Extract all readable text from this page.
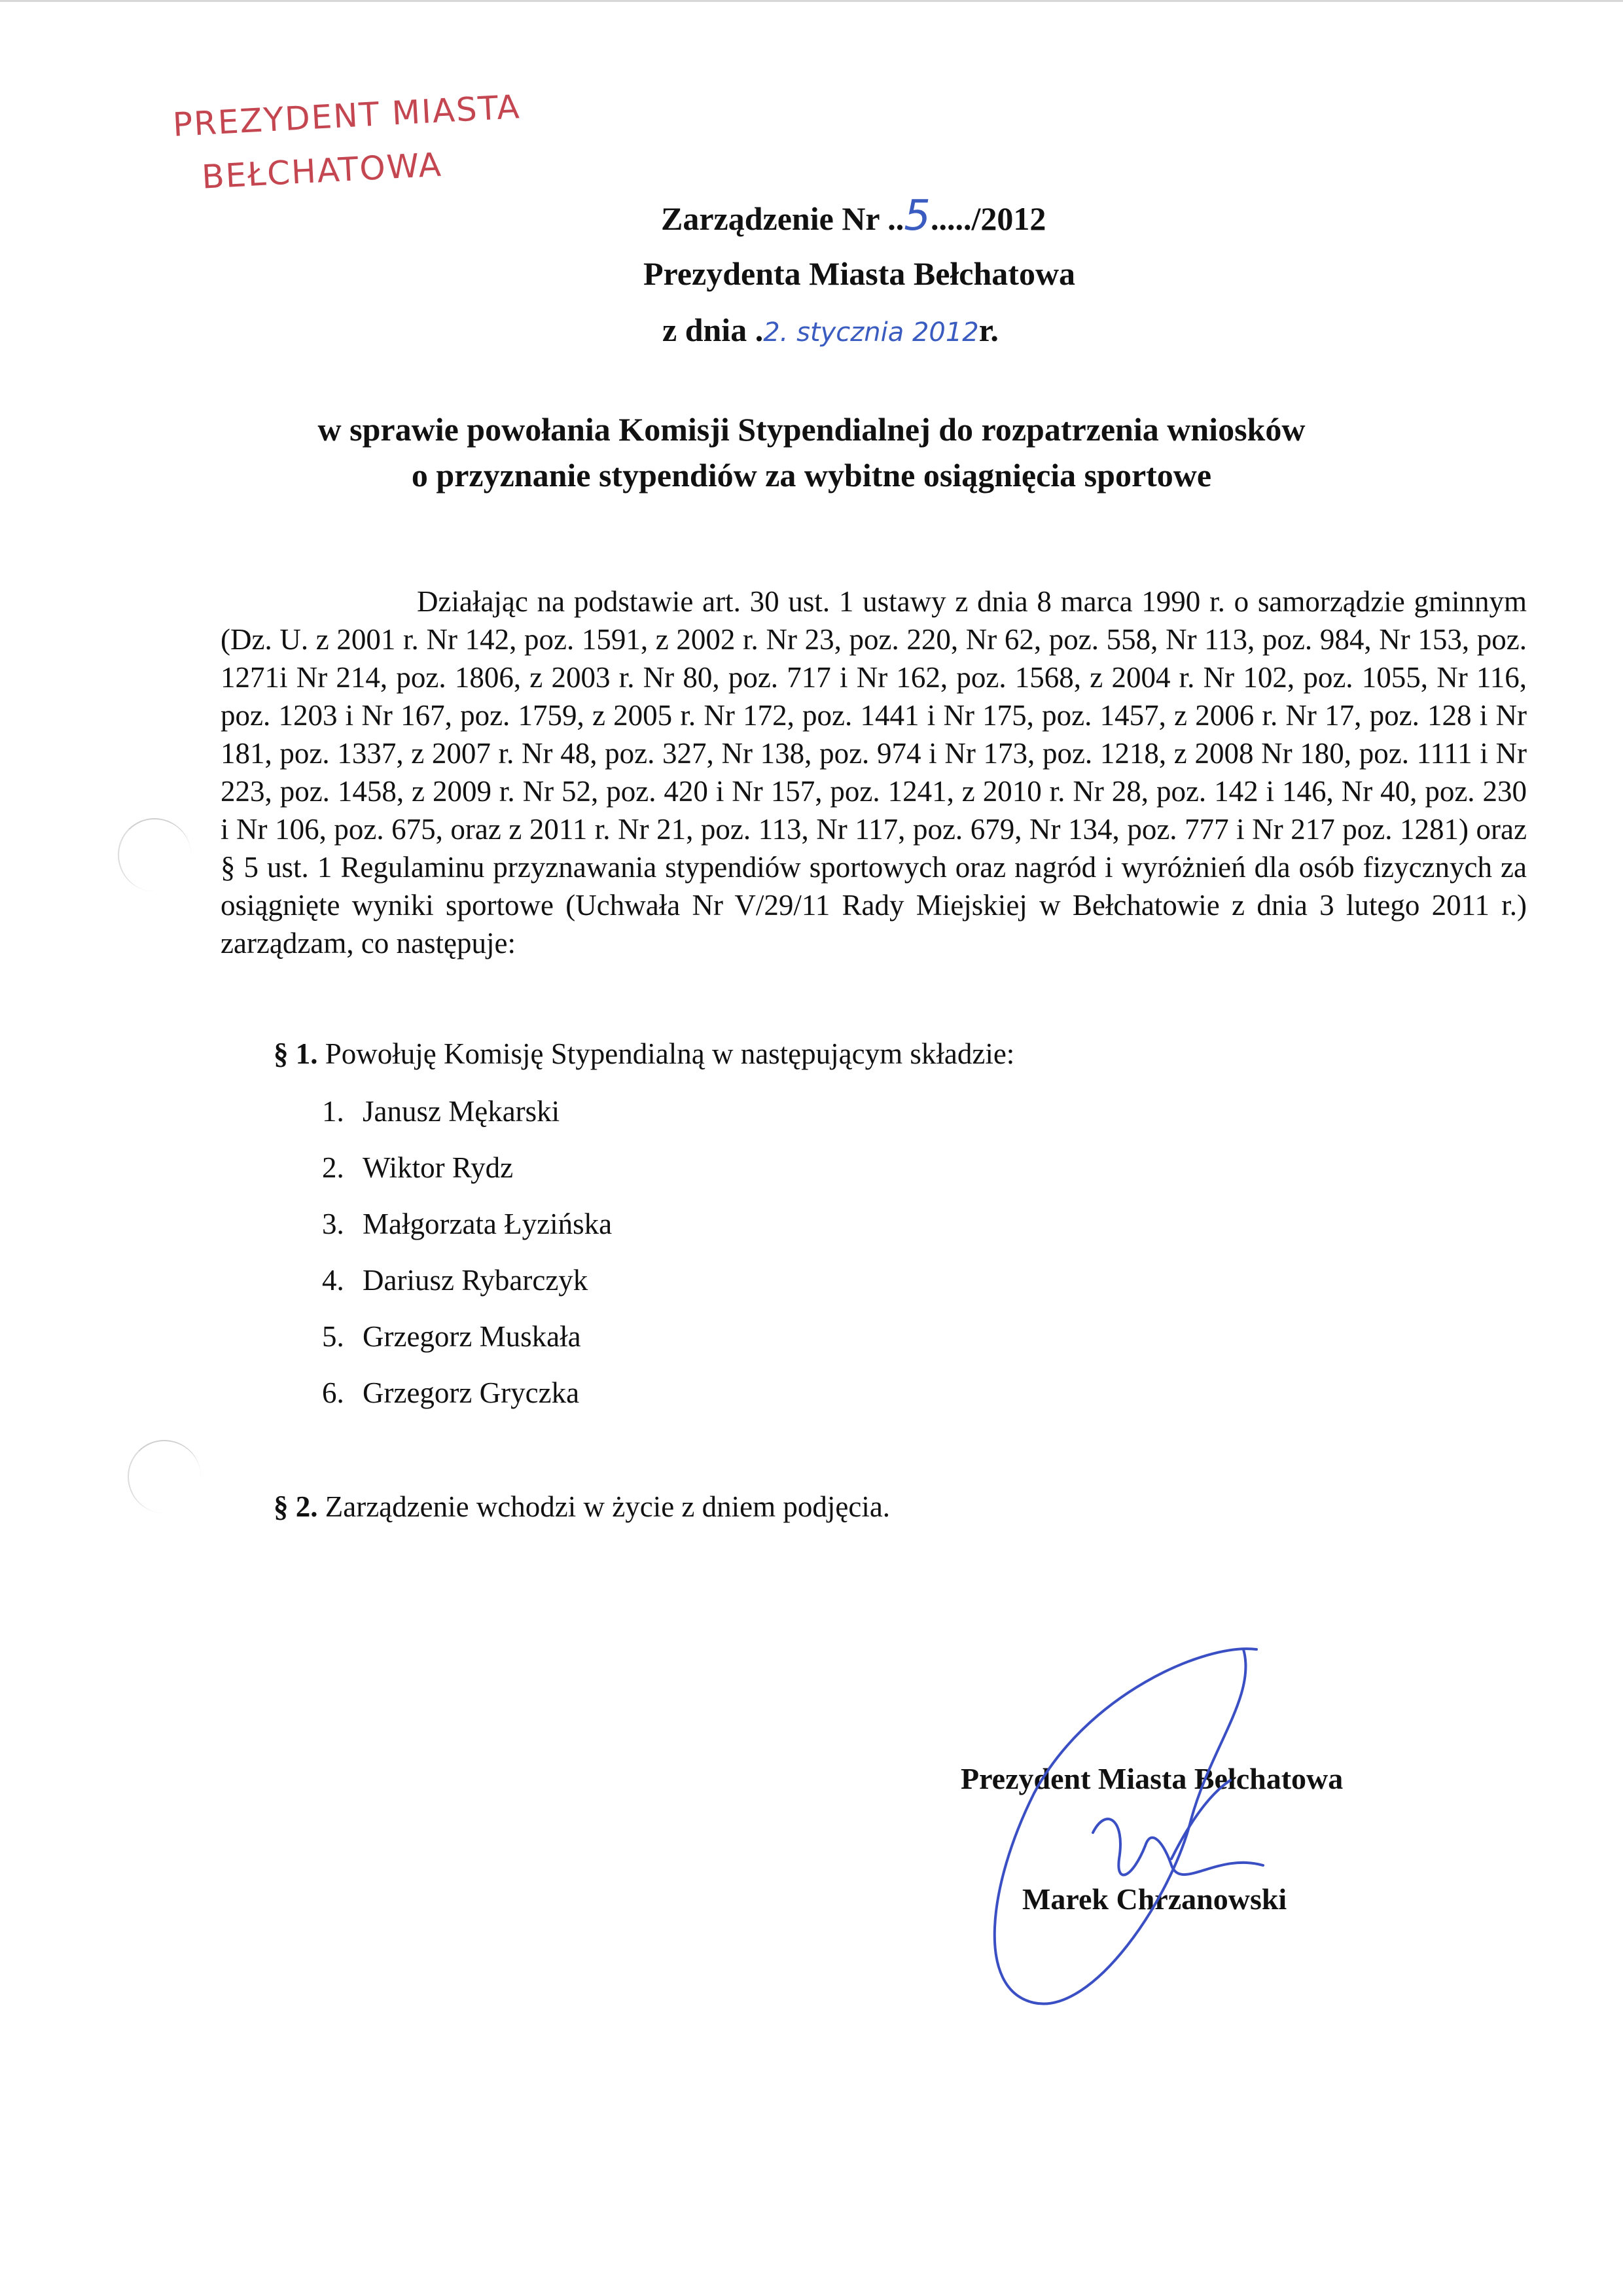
PREZYDENT MIASTA
BEŁCHATOWA
Zarządzenie Nr ..5...../2012
Prezydenta Miasta Bełchatowa
z dnia .2. stycznia 2012r.
w sprawie powołania Komisji Stypendialnej do rozpatrzenia wniosków
o przyznanie stypendiów za wybitne osiągnięcia sportowe
Działając na podstawie art. 30 ust. 1 ustawy z dnia 8 marca 1990 r. o samorządzie gminnym (Dz. U. z 2001 r. Nr 142, poz. 1591, z 2002 r. Nr 23, poz. 220, Nr 62, poz. 558, Nr 113, poz. 984, Nr 153, poz. 1271i Nr 214, poz. 1806, z 2003 r. Nr 80, poz. 717 i Nr 162, poz. 1568, z 2004 r. Nr 102, poz. 1055, Nr 116, poz. 1203 i Nr 167, poz. 1759, z 2005 r. Nr 172, poz. 1441 i Nr 175, poz. 1457, z 2006 r. Nr 17, poz. 128 i Nr 181, poz. 1337, z 2007 r. Nr 48, poz. 327, Nr 138, poz. 974 i Nr 173, poz. 1218, z 2008 Nr 180, poz. 1111 i Nr 223, poz. 1458, z 2009 r. Nr 52, poz. 420 i Nr 157, poz. 1241, z 2010 r. Nr 28, poz. 142 i 146, Nr 40, poz. 230 i Nr 106, poz. 675, oraz z 2011 r. Nr 21, poz. 113, Nr 117, poz. 679, Nr 134, poz. 777 i Nr 217 poz. 1281) oraz § 5 ust. 1 Regulaminu przyznawania stypendiów sportowych oraz nagród i wyróżnień dla osób fizycznych za osiągnięte wyniki sportowe (Uchwała Nr V/29/11 Rady Miejskiej w Bełchatowie z dnia 3 lutego 2011 r.) zarządzam, co następuje:
§ 1. Powołuję Komisję Stypendialną w następującym składzie:
1. Janusz Mękarski
2. Wiktor Rydz
3. Małgorzata Łyzińska
4. Dariusz Rybarczyk
5. Grzegorz Muskała
6. Grzegorz Gryczka
§ 2. Zarządzenie wchodzi w życie z dniem podjęcia.
Prezydent Miasta Bełchatowa
Marek Chrzanowski
